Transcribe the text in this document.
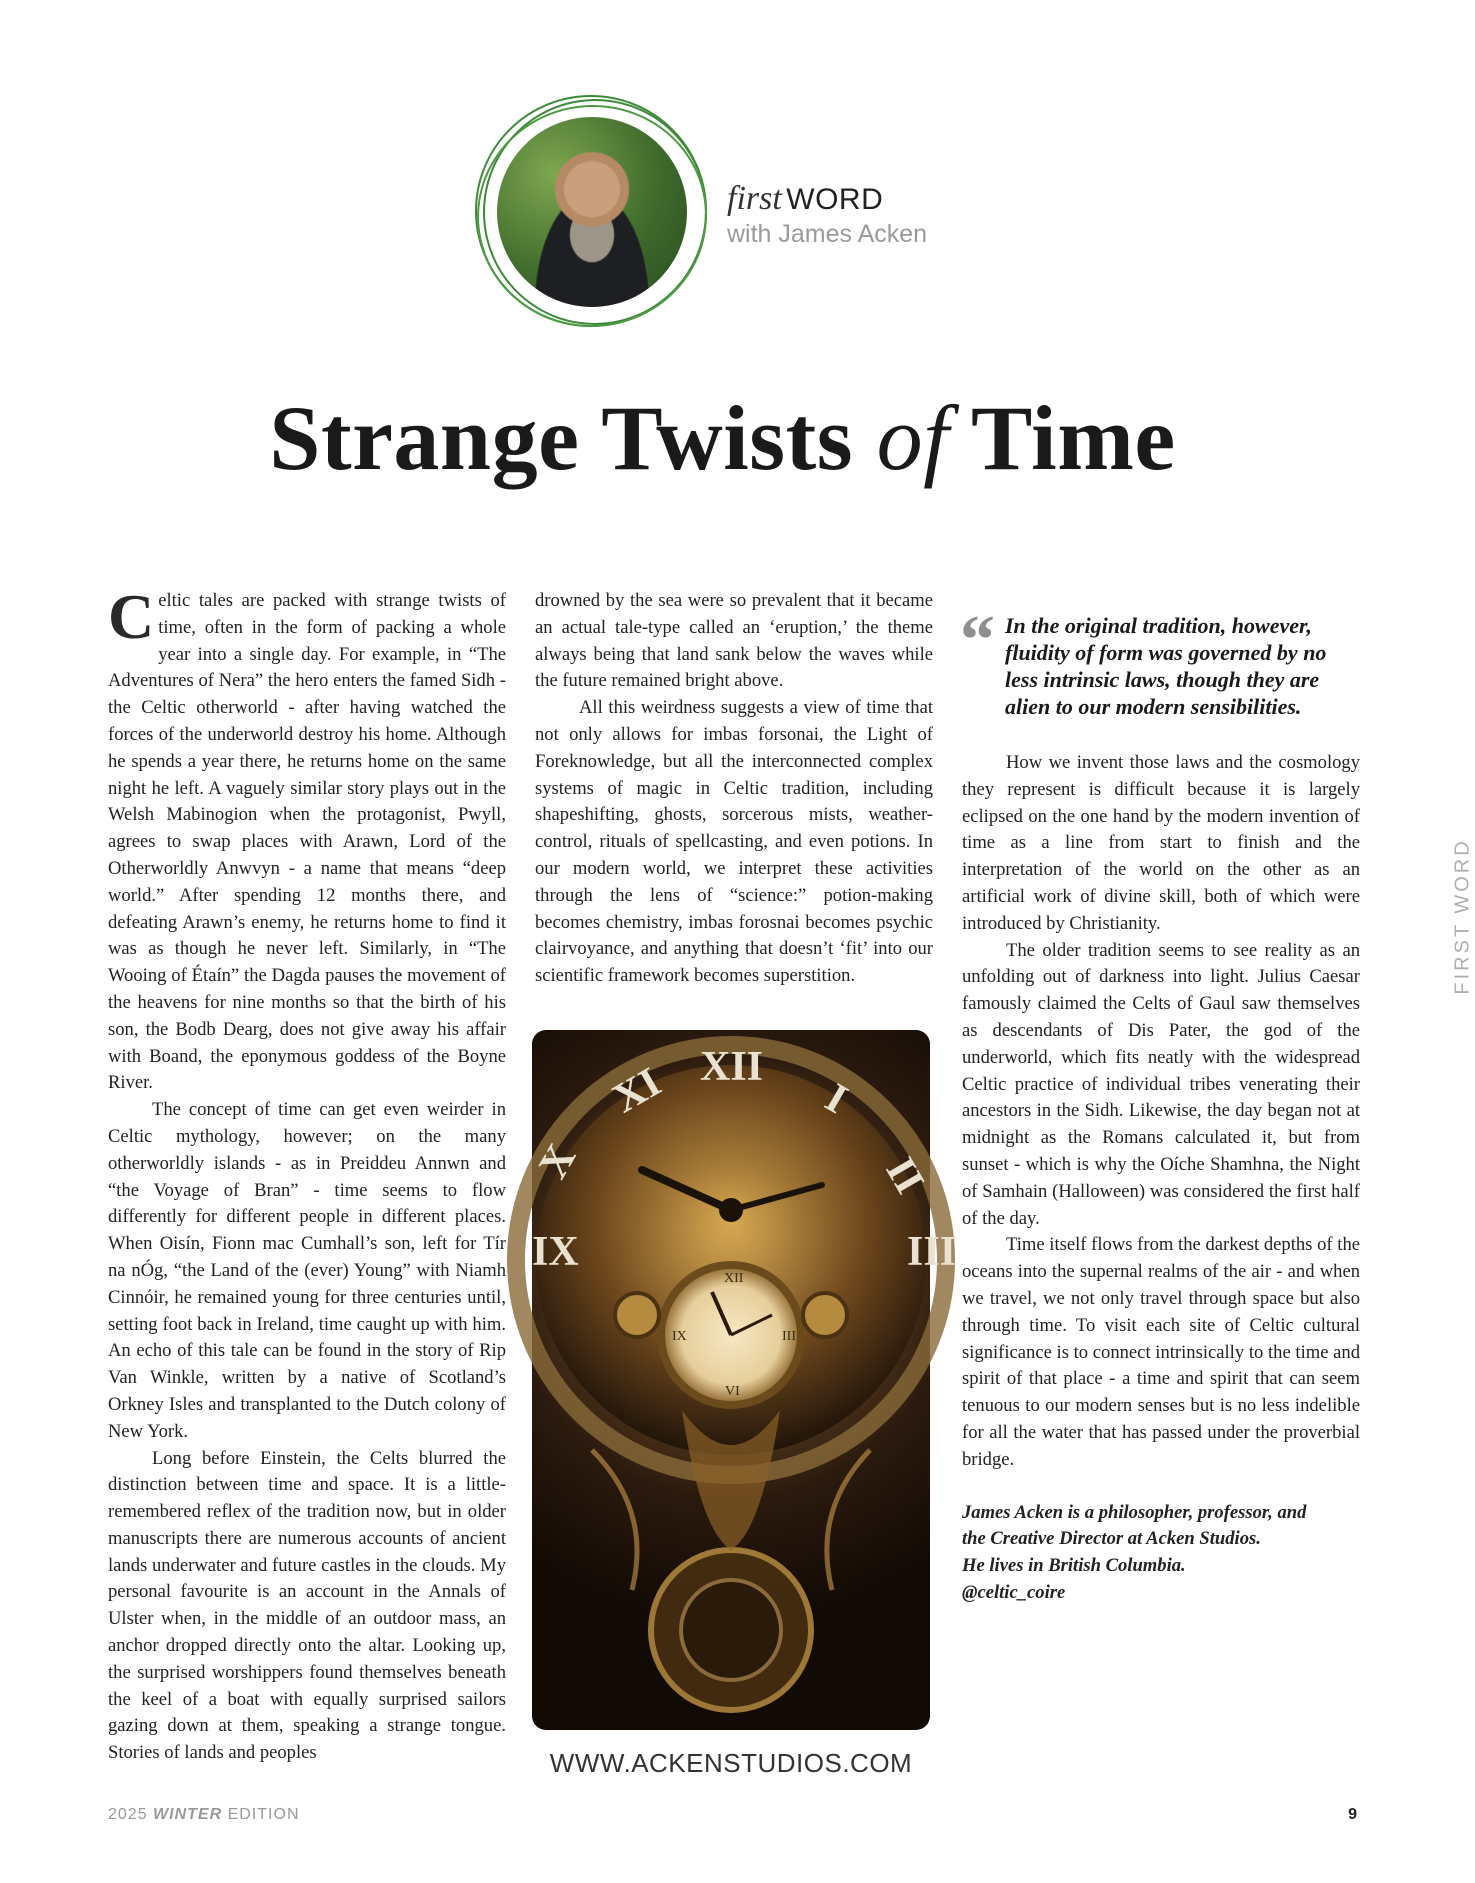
first WORD
with James Acken
Strange Twists of Time

Celtic tales are packed with strange twists of time, often in the form of packing a whole year into a single day. For example, in “The Adventures of Nera” the hero enters the famed Sidh - the Celtic otherworld - after having watched the forces of the underworld destroy his home. Although he spends a year there, he returns home on the same night he left. A vaguely similar story plays out in the Welsh Mabinogion when the protagonist, Pwyll, agrees to swap places with Arawn, Lord of the Otherworldly Anwvyn - a name that means “deep world.” After spending 12 months there, and defeating Arawn’s enemy, he returns home to find it was as though he never left. Similarly, in “The Wooing of Étaín” the Dagda pauses the movement of the heavens for nine months so that the birth of his son, the Bodb Dearg, does not give away his affair with Boand, the eponymous goddess of the Boyne River.

The concept of time can get even weirder in Celtic mythology, however; on the many otherworldly islands - as in Preiddeu Annwn and “the Voyage of Bran” - time seems to flow differently for different people in different places. When Oisín, Fionn mac Cumhall’s son, left for Tír na nÓg, “the Land of the (ever) Young” with Niamh Cinnóir, he remained young for three centuries until, setting foot back in Ireland, time caught up with him. An echo of this tale can be found in the story of Rip Van Winkle, written by a native of Scotland’s Orkney Isles and transplanted to the Dutch colony of New York.

Long before Einstein, the Celts blurred the distinction between time and space. It is a little-remembered reflex of the tradition now, but in older manuscripts there are numerous accounts of ancient lands underwater and future castles in the clouds. My personal favourite is an account in the Annals of Ulster when, in the middle of an outdoor mass, an anchor dropped directly onto the altar. Looking up, the surprised worshippers found themselves beneath the keel of a boat with equally surprised sailors gazing down at them, speaking a strange tongue. Stories of lands and peoples

drowned by the sea were so prevalent that it became an actual tale-type called an ‘eruption,’ the theme always being that land sank below the waves while the future remained bright above.

All this weirdness suggests a view of time that not only allows for imbas forsonai, the Light of Foreknowledge, but all the interconnected complex systems of magic in Celtic tradition, including shapeshifting, ghosts, sorcerous mists, weather-control, rituals of spellcasting, and even potions. In our modern world, we interpret these activities through the lens of “science:” potion-making becomes chemistry, imbas forosnai becomes psychic clairvoyance, and anything that doesn’t ‘fit’ into our scientific framework becomes superstition.

XII
XI
X
I
II
III
IX
XII
III
VI
IX
WWW.ACKENSTUDIOS.COM
“ In the original tradition, however, fluidity of form was governed by no less intrinsic laws, though they are alien to our modern sensibilities.

How we invent those laws and the cosmology they represent is difficult because it is largely eclipsed on the one hand by the modern invention of time as a line from start to finish and the interpretation of the world on the other as an artificial work of divine skill, both of which were introduced by Christianity.

The older tradition seems to see reality as an unfolding out of darkness into light. Julius Caesar famously claimed the Celts of Gaul saw themselves as descendants of Dis Pater, the god of the underworld, which fits neatly with the widespread Celtic practice of individual tribes venerating their ancestors in the Sidh. Likewise, the day began not at midnight as the Romans calculated it, but from sunset - which is why the Oíche Shamhna, the Night of Samhain (Halloween) was considered the first half of the day.

Time itself flows from the darkest depths of the oceans into the supernal realms of the air - and when we travel, we not only travel through space but also through time. To visit each site of Celtic cultural significance is to connect intrinsically to the time and spirit of that place - a time and spirit that can seem tenuous to our modern senses but is no less indelible for all the water that has passed under the proverbial bridge.

James Acken is a philosopher, professor, and
the Creative Director at Acken Studios.
He lives in British Columbia.
@celtic_coire
FIRST WORD
2025 WINTER EDITION	9
